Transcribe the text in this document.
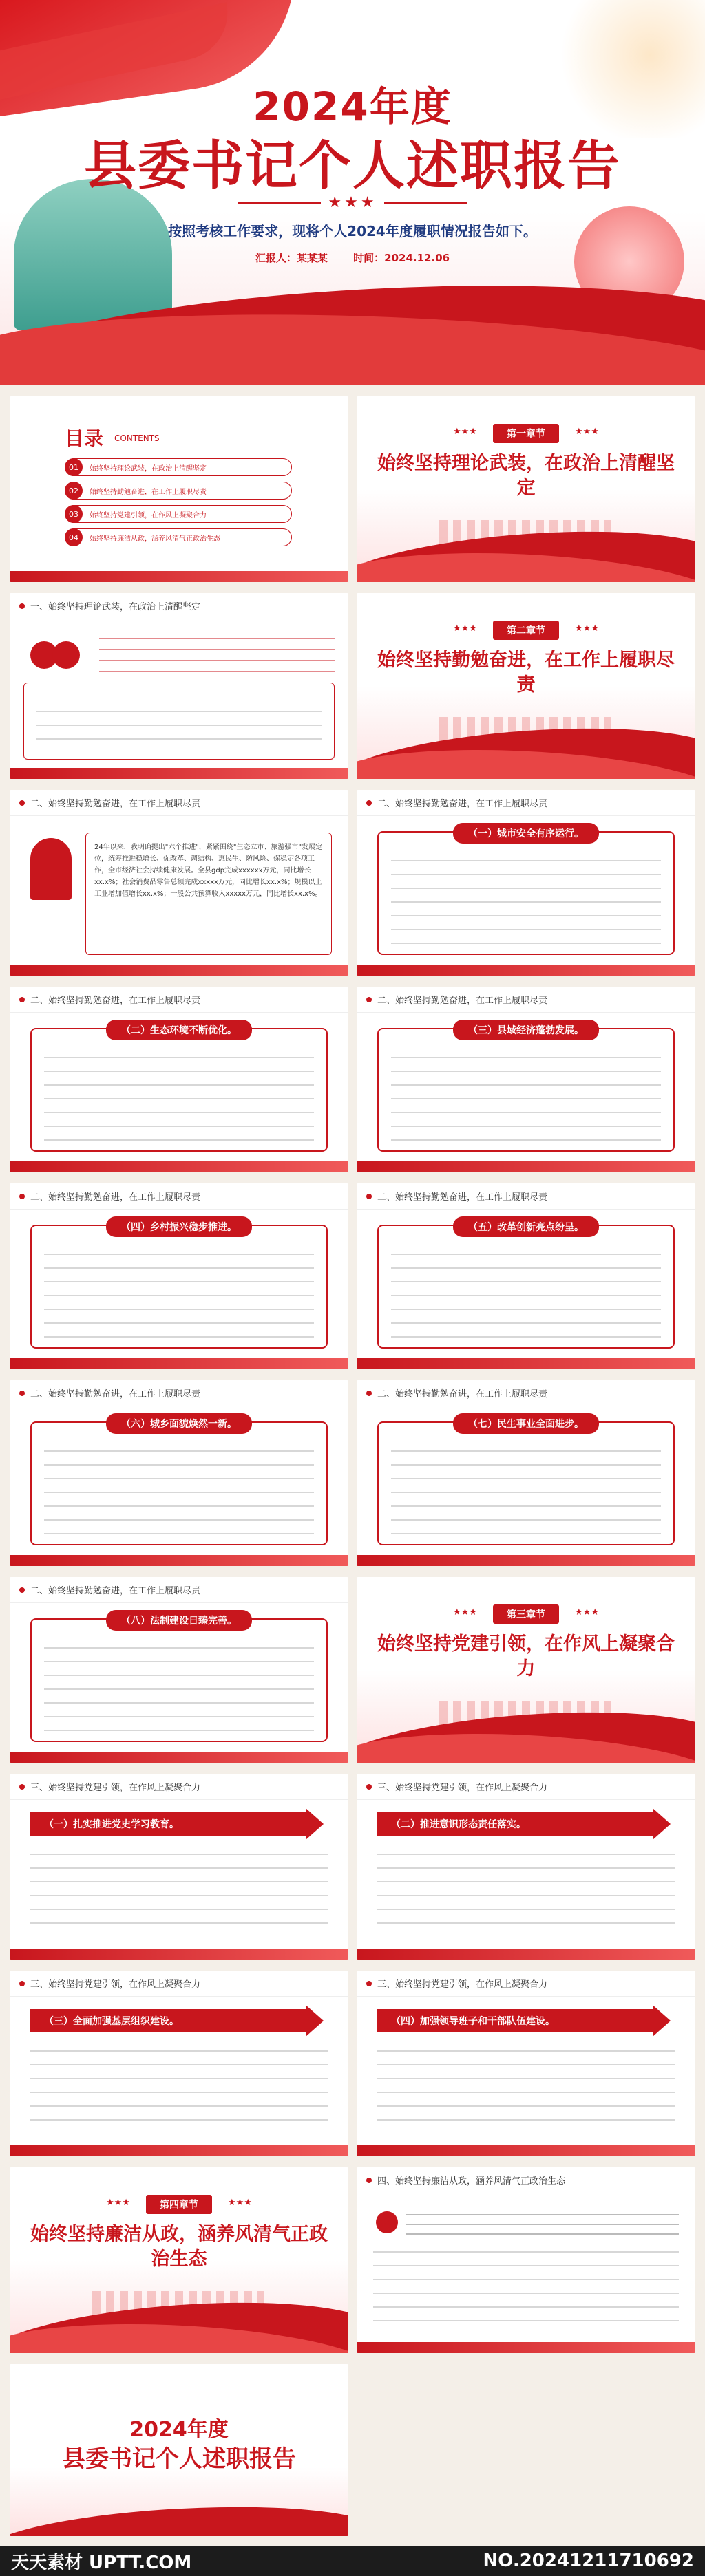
2024年度
县委书记个人述职报告
★★★
按照考核工作要求，现将个人2024年度履职情况报告如下。
汇报人：某某某 时间：2024.12.06
目录 CONTENTS
01	始终坚持理论武装，在政治上清醒坚定
02	始终坚持勤勉奋进，在工作上履职尽责
03	始终坚持党建引领，在作风上凝聚合力
04	始终坚持廉洁从政，涵养风清气正政治生态
★★★	★★★
第一章节
始终坚持理论武装，在政治上清醒坚定
一、始终坚持理论武装，在政治上清醒坚定
★★★	★★★
第二章节
始终坚持勤勉奋进，在工作上履职尽责
二、始终坚持勤勉奋进，在工作上履职尽责
24年以来，我明确提出"六个推进"，紧紧围绕"生态立市、旅游强市"发展定位，统筹推进稳增长、促改革、调结构、惠民生、防风险、保稳定各项工作，全市经济社会持续健康发展。全县gdp完成xxxxxx万元，同比增长xx.x%；社会消费品零售总额完成xxxxx万元，同比增长xx.x%；规模以上工业增加值增长xx.x%；一般公共预算收入xxxxx万元，同比增长xx.x%。
二、始终坚持勤勉奋进，在工作上履职尽责
（一）城市安全有序运行。
二、始终坚持勤勉奋进，在工作上履职尽责
（二）生态环境不断优化。
二、始终坚持勤勉奋进，在工作上履职尽责
（三）县域经济蓬勃发展。
二、始终坚持勤勉奋进，在工作上履职尽责
（四）乡村振兴稳步推进。
二、始终坚持勤勉奋进，在工作上履职尽责
（五）改革创新亮点纷呈。
二、始终坚持勤勉奋进，在工作上履职尽责
（六）城乡面貌焕然一新。
二、始终坚持勤勉奋进，在工作上履职尽责
（七）民生事业全面进步。
二、始终坚持勤勉奋进，在工作上履职尽责
（八）法制建设日臻完善。
★★★	★★★
第三章节
始终坚持党建引领，在作风上凝聚合力
三、始终坚持党建引领，在作风上凝聚合力
（一）扎实推进党史学习教育。
三、始终坚持党建引领，在作风上凝聚合力
（二）推进意识形态责任落实。
三、始终坚持党建引领，在作风上凝聚合力
（三）全面加强基层组织建设。
三、始终坚持党建引领，在作风上凝聚合力
（四）加强领导班子和干部队伍建设。
★★★	★★★
第四章节
始终坚持廉洁从政，涵养风清气正政治生态
四、始终坚持廉洁从政，涵养风清气正政治生态
2024年度
县委书记个人述职报告
天天素材 UPTT.COM	NO.20241211710692
